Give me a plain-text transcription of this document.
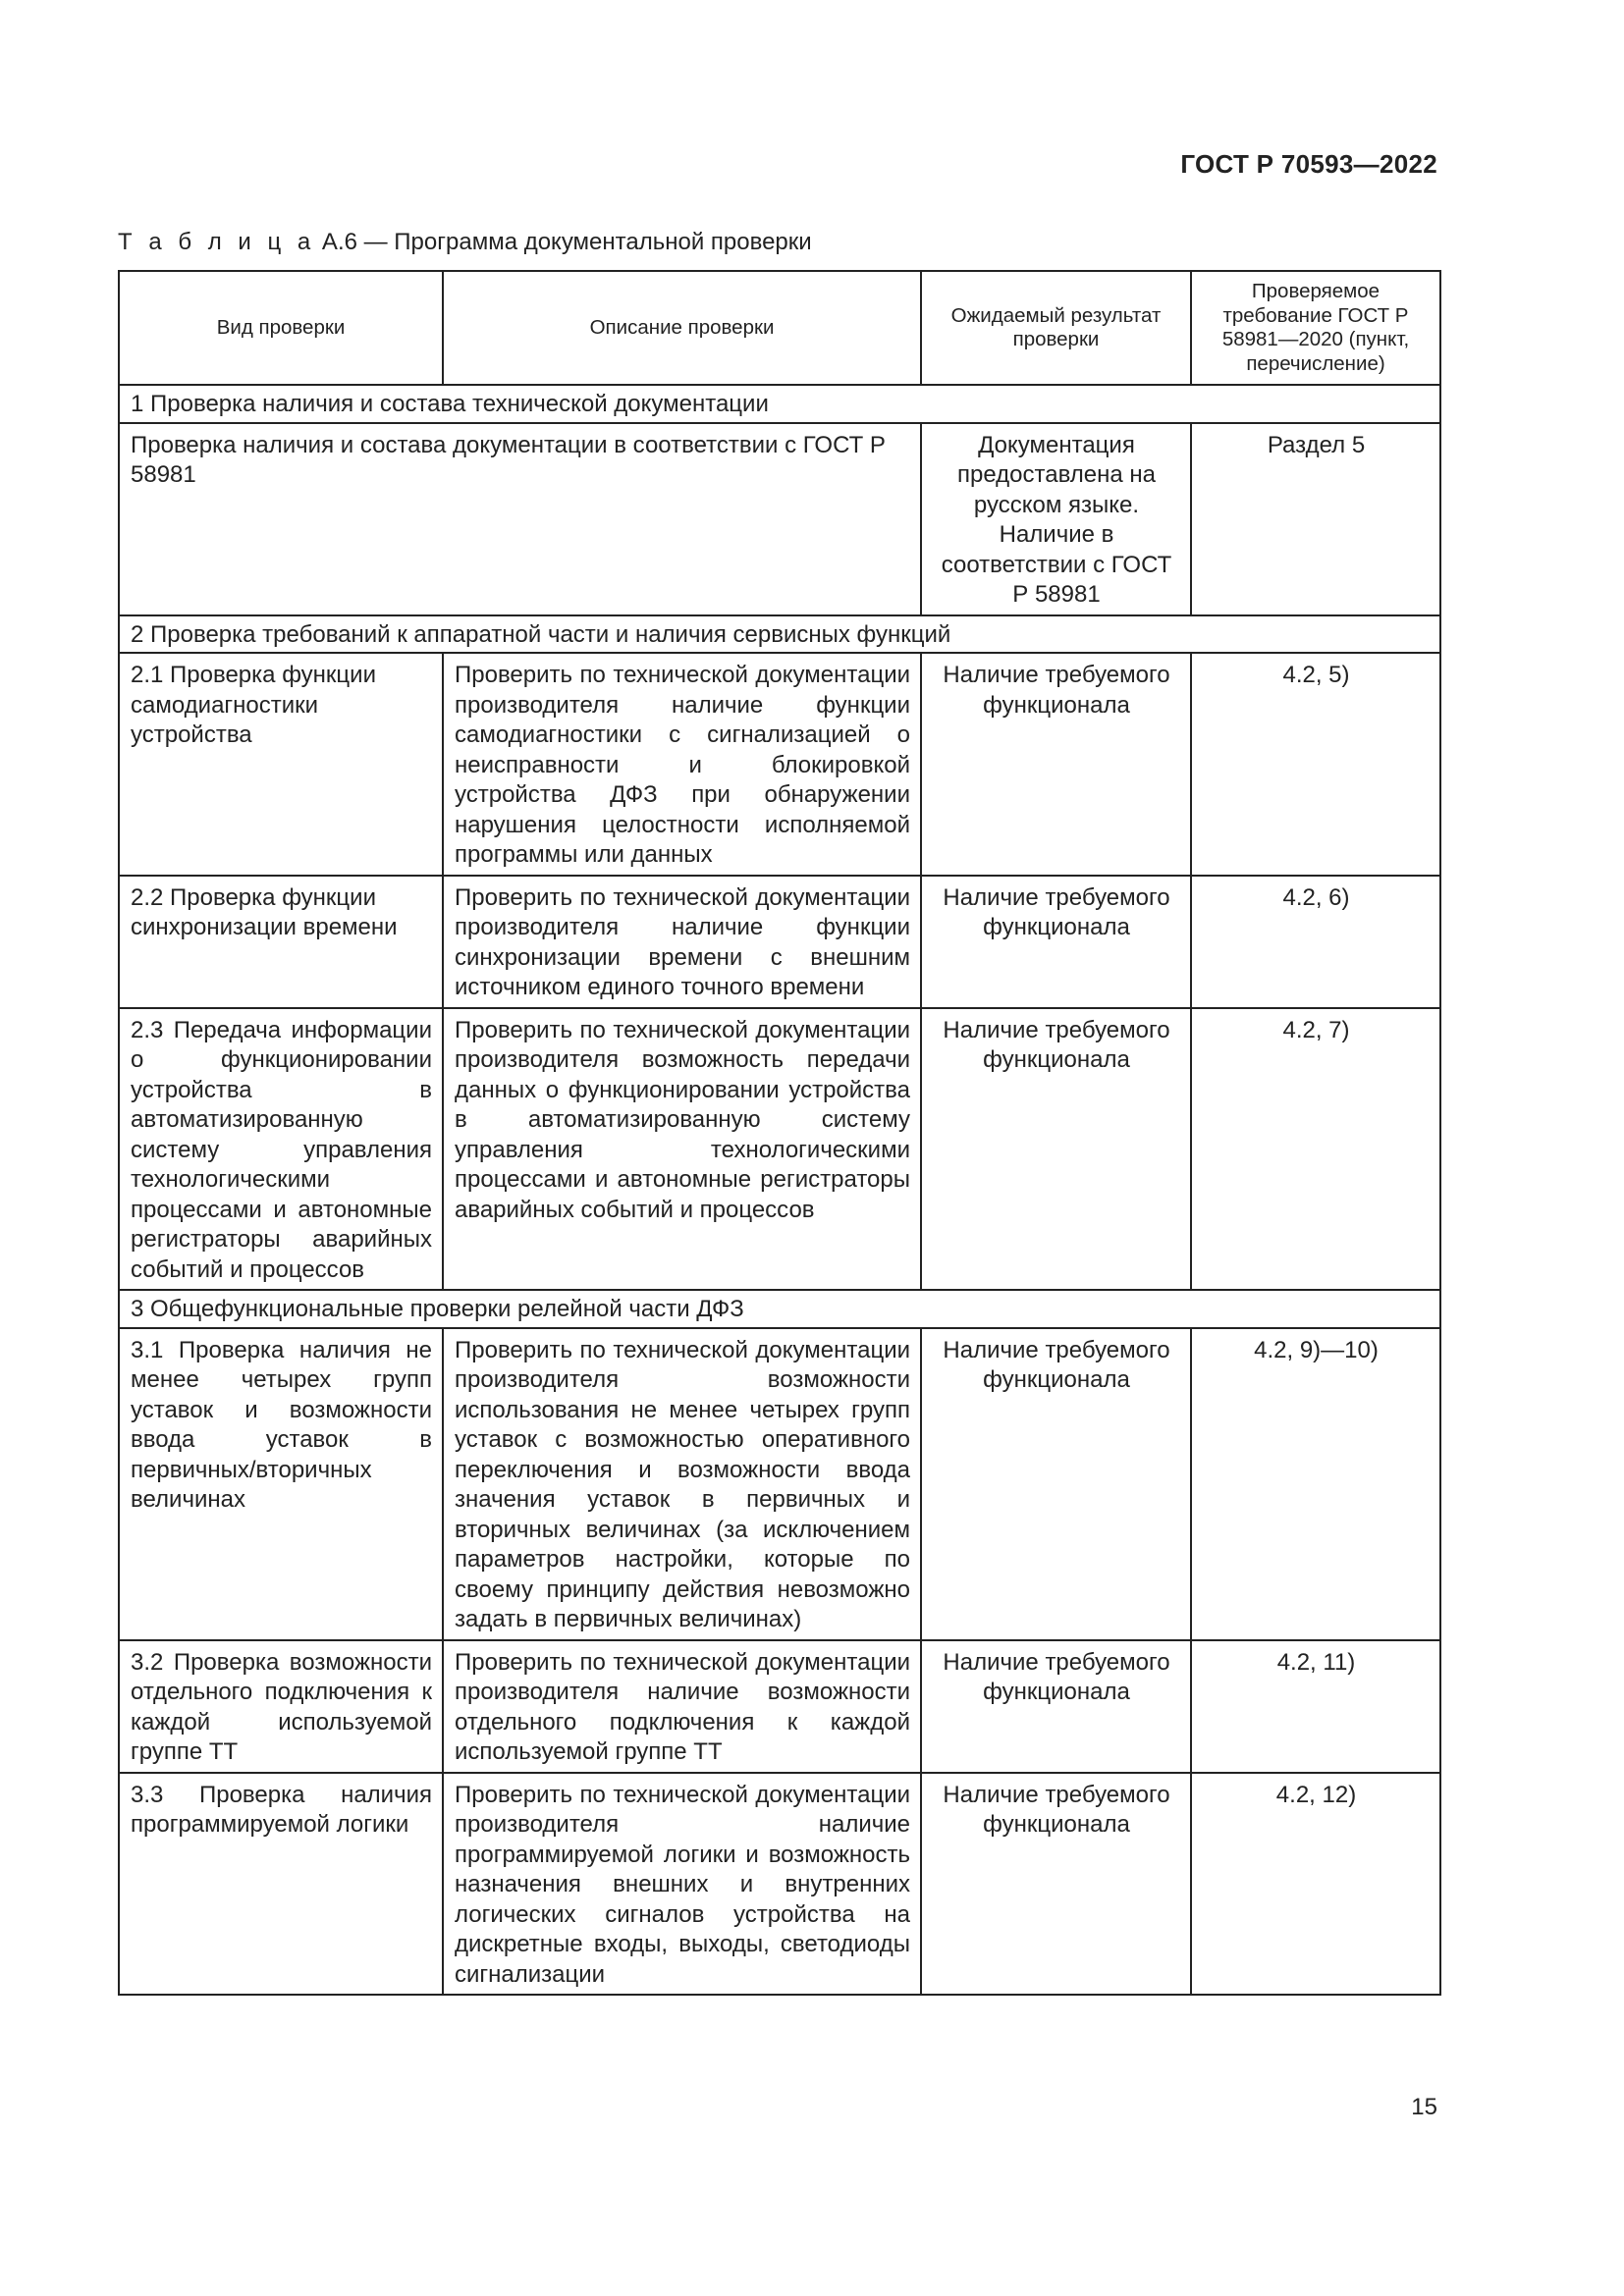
ГОСТ Р 70593—2022
Т а б л и ц а А.6 — Программа документальной проверки
Вид проверки	Описание проверки	Ожидаемый результат проверки	Проверяемое требование ГОСТ Р 58981—2020 (пункт, перечисление)
1 Проверка наличия и состава технической документации			
Проверка наличия и состава документации в соответствии с ГОСТ Р 58981		Документация предоставлена на русском языке. Наличие в соответствии с ГОСТ Р 58981	Раздел 5
2 Проверка требований к аппаратной части и наличия сервисных функций			
2.1 Проверка функции самодиагностики устройства	Проверить по технической документации производителя наличие функции самодиагностики с сигнализацией о неисправности и блокировкой устройства ДФЗ при обнаружении нарушения целостности исполняемой программы или данных	Наличие требуемого функционала	4.2, 5)
2.2 Проверка функции синхронизации времени	Проверить по технической документации производителя наличие функции синхронизации времени с внешним источником единого точного времени	Наличие требуемого функционала	4.2, 6)
2.3 Передача информации о функционировании устройства в автоматизированную систему управления технологическими процессами и автономные регистраторы аварийных событий и процессов	Проверить по технической документации производителя возможность передачи данных о функционировании устройства в автоматизированную систему управления технологическими процессами и автономные регистраторы аварийных событий и процессов	Наличие требуемого функционала	4.2, 7)
3 Общефункциональные проверки релейной части ДФЗ			
3.1 Проверка наличия не менее четырех групп уставок и возможности ввода уставок в первичных/вторичных величинах	Проверить по технической документации производителя возможности использования не менее четырех групп уставок с возможностью оперативного переключения и возможности ввода значения уставок в первичных и вторичных величинах (за исключением параметров настройки, которые по своему принципу действия невозможно задать в первичных величинах)	Наличие требуемого функционала	4.2, 9)—10)
3.2 Проверка возможности отдельного подключения к каждой используемой группе ТТ	Проверить по технической документации производителя наличие возможности отдельного подключения к каждой используемой группе ТТ	Наличие требуемого функционала	4.2, 11)
3.3 Проверка наличия программируемой логики	Проверить по технической документации производителя наличие программируемой логики и возможность назначения внешних и внутренних логических сигналов устройства на дискретные входы, выходы, светодиоды сигнализации	Наличие требуемого функционала	4.2, 12)
15
